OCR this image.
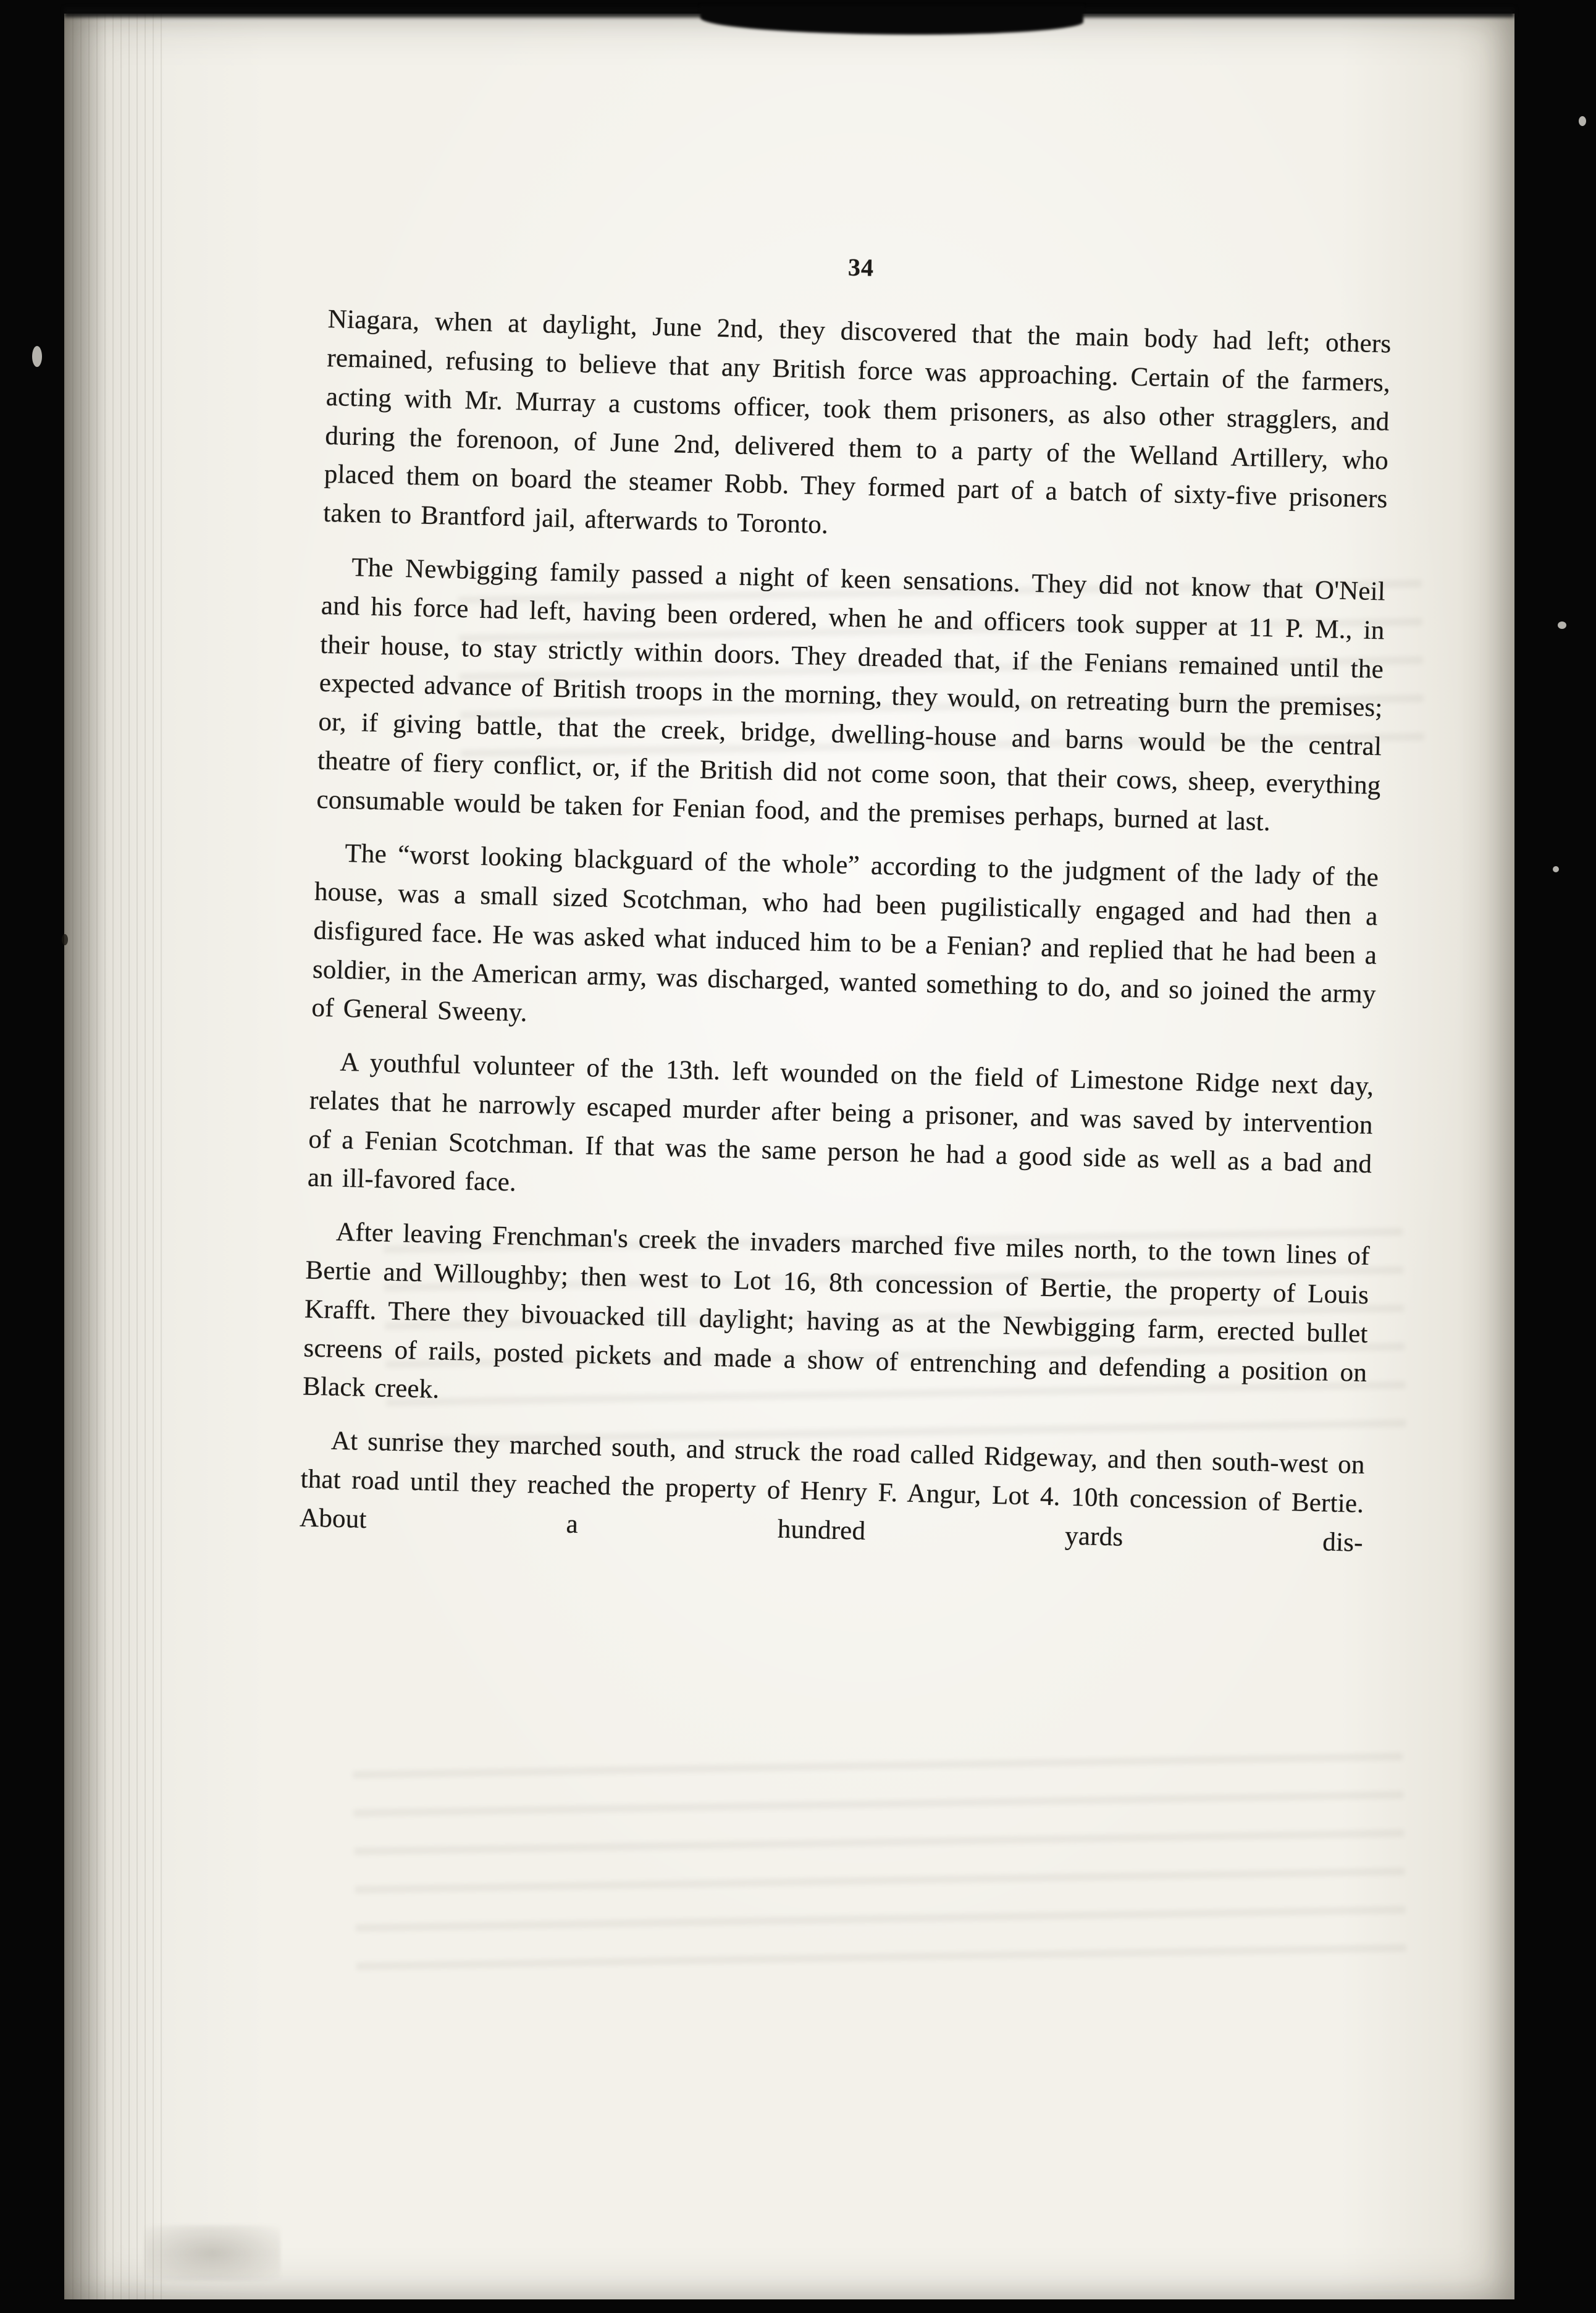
34

Niagara, when at daylight, June 2nd, they discovered that the main body had left; others remained, refusing to believe that any British force was approaching. Certain of the farmers, acting with Mr. Murray a customs officer, took them prisoners, as also other stragglers, and during the forenoon, of June 2nd, delivered them to a party of the Welland Artillery, who placed them on board the steamer Robb. They formed part of a batch of sixty-five prisoners taken to Brantford jail, afterwards to Toronto.

The Newbigging family passed a night of keen sensations. They did not know that O'Neil and his force had left, having been ordered, when he and officers took supper at 11 P. M., in their house, to stay strictly within doors. They dreaded that, if the Fenians remained until the expected advance of British troops in the morning, they would, on retreating burn the premises; or, if giving battle, that the creek, bridge, dwelling-house and barns would be the central theatre of fiery conflict, or, if the British did not come soon, that their cows, sheep, everything consumable would be taken for Fenian food, and the premises perhaps, burned at last.

The “worst looking blackguard of the whole” according to the judgment of the lady of the house, was a small sized Scotchman, who had been pugilistically engaged and had then a disfigured face. He was asked what induced him to be a Fenian? and replied that he had been a soldier, in the American army, was discharged, wanted something to do, and so joined the army of General Sweeny.

A youthful volunteer of the 13th. left wounded on the field of Limestone Ridge next day, relates that he narrowly escaped murder after being a prisoner, and was saved by intervention of a Fenian Scotchman. If that was the same person he had a good side as well as a bad and an ill-favored face.

After leaving Frenchman's creek the invaders marched five miles north, to the town lines of Bertie and Willoughby; then west to Lot 16, 8th concession of Bertie, the property of Louis Krafft. There they bivouacked till daylight; having as at the Newbigging farm, erected bullet screens of rails, posted pickets and made a show of entrenching and defending a position on Black creek.

At sunrise they marched south, and struck the road called Ridgeway, and then south-west on that road until they reached the property of Henry F. Angur, Lot 4. 10th concession of Bertie. About a hundred yards dis-
